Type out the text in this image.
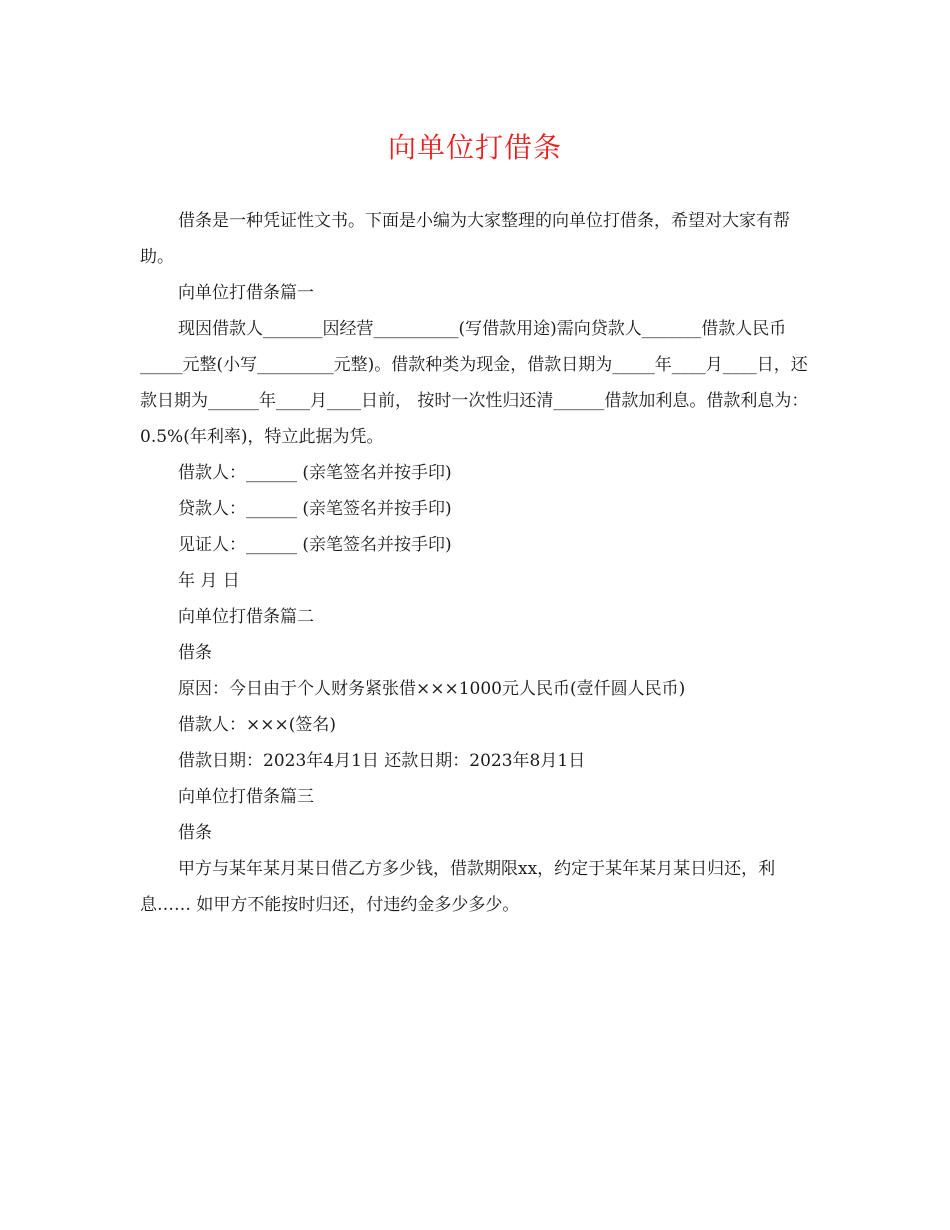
向单位打借条

借条是一种凭证性文书。下面是小编为大家整理的向单位打借条，希望对大家有帮助。

向单位打借条篇一

现因借款人_______因经营__________(写借款用途)需向贷款人_______借款人民币_____元整(小写_________元整)。借款种类为现金，借款日期为_____年____月____日，还款日期为______年____月____日前， 按时一次性归还清______借款加利息。借款利息为： 0.5%(年利率)，特立此据为凭。

借款人：______ (亲笔签名并按手印)

贷款人：______ (亲笔签名并按手印)

见证人：______ (亲笔签名并按手印)

年 月 日

向单位打借条篇二

借条

原因：今日由于个人财务紧张借×××1000元人民币(壹仟圆人民币)

借款人：×××(签名)

借款日期：2023年4月1日 还款日期：2023年8月1日

向单位打借条篇三

借条

甲方与某年某月某日借乙方多少钱，借款期限xx，约定于某年某月某日归还，利息…… 如甲方不能按时归还，付违约金多少多少。
